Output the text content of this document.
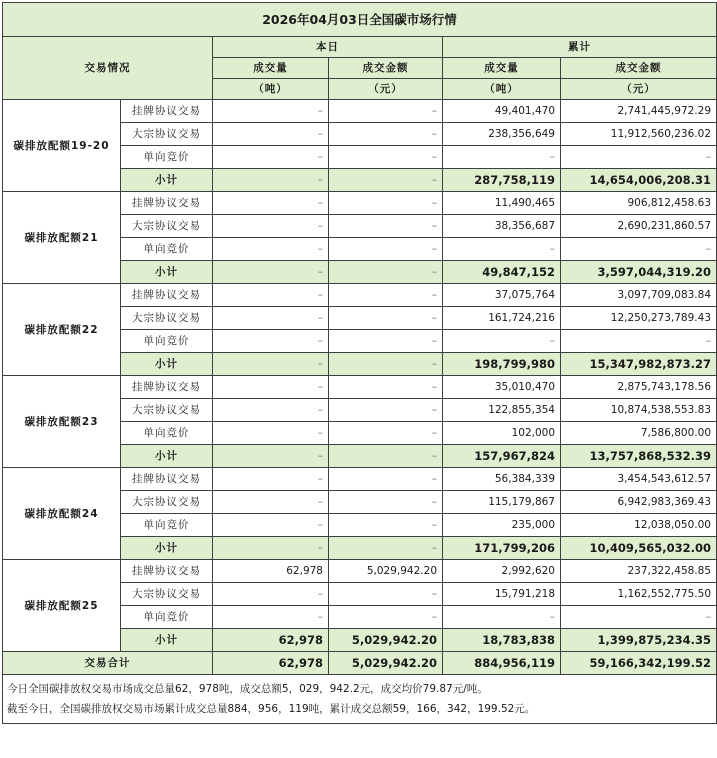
2026年04月03日全国碳市场行情					
交易情况		本日		累计	
		成交量	成交金额	成交量	成交金额
		（吨）	（元）	（吨）	（元）
碳排放配额19-20	挂牌协议交易	–	–	49,401,470	2,741,445,972.29
	大宗协议交易	–	–	238,356,649	11,912,560,236.02
	单向竞价	–	–	–	–
	小计	–	–	287,758,119	14,654,006,208.31
碳排放配额21	挂牌协议交易	–	–	11,490,465	906,812,458.63
	大宗协议交易	–	–	38,356,687	2,690,231,860.57
	单向竞价	–	–	–	–
	小计	–	–	49,847,152	3,597,044,319.20
碳排放配额22	挂牌协议交易	–	–	37,075,764	3,097,709,083.84
	大宗协议交易	–	–	161,724,216	12,250,273,789.43
	单向竞价	–	–	–	–
	小计	–	–	198,799,980	15,347,982,873.27
碳排放配额23	挂牌协议交易	–	–	35,010,470	2,875,743,178.56
	大宗协议交易	–	–	122,855,354	10,874,538,553.83
	单向竞价	–	–	102,000	7,586,800.00
	小计	–	–	157,967,824	13,757,868,532.39
碳排放配额24	挂牌协议交易	–	–	56,384,339	3,454,543,612.57
	大宗协议交易	–	–	115,179,867	6,942,983,369.43
	单向竞价	–	–	235,000	12,038,050.00
	小计	–	–	171,799,206	10,409,565,032.00
碳排放配额25	挂牌协议交易	62,978	5,029,942.20	2,992,620	237,322,458.85
	大宗协议交易	–	–	15,791,218	1,162,552,775.50
	单向竞价	–	–	–	–
	小计	62,978	5,029,942.20	18,783,838	1,399,875,234.35
交易合计		62,978	5,029,942.20	884,956,119	59,166,342,199.52

今日全国碳排放权交易市场成交总量62，978吨，成交总额5，029，942.2元，成交均价79.87元/吨。
截至今日，全国碳排放权交易市场累计成交总量884，956，119吨，累计成交总额59，166，342，199.52元。					
